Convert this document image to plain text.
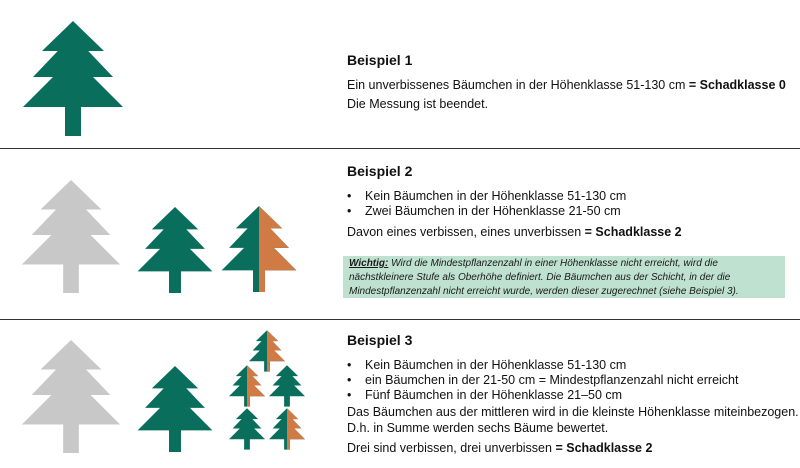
Beispiel 1
Ein unverbissenes Bäumchen in der Höhenklasse 51-130 cm = Schadklasse 0
Die Messung ist beendet.
Beispiel 2
• Kein Bäumchen in der Höhenklasse 51-130 cm
• Zwei Bäumchen in der Höhenklasse 21-50 cm
Davon eines verbissen, eines unverbissen = Schadklasse 2
Wichtig: Wird die Mindestpflanzenzahl in einer Höhenklasse nicht erreicht, wird die
nächstkleinere Stufe als Oberhöhe definiert. Die Bäumchen aus der Schicht, in der die
Mindestpflanzenzahl nicht erreicht wurde, werden dieser zugerechnet (siehe Beispiel 3).
Beispiel 3
• Kein Bäumchen in der Höhenklasse 51-130 cm
• ein Bäumchen in der 21-50 cm = Mindestpflanzenzahl nicht erreicht
• Fünf Bäumchen in der Höhenklasse 21–50 cm
Das Bäumchen aus der mittleren wird in die kleinste Höhenklasse miteinbezogen.
D.h. in Summe werden sechs Bäume bewertet.
Drei sind verbissen, drei unverbissen = Schadklasse 2
